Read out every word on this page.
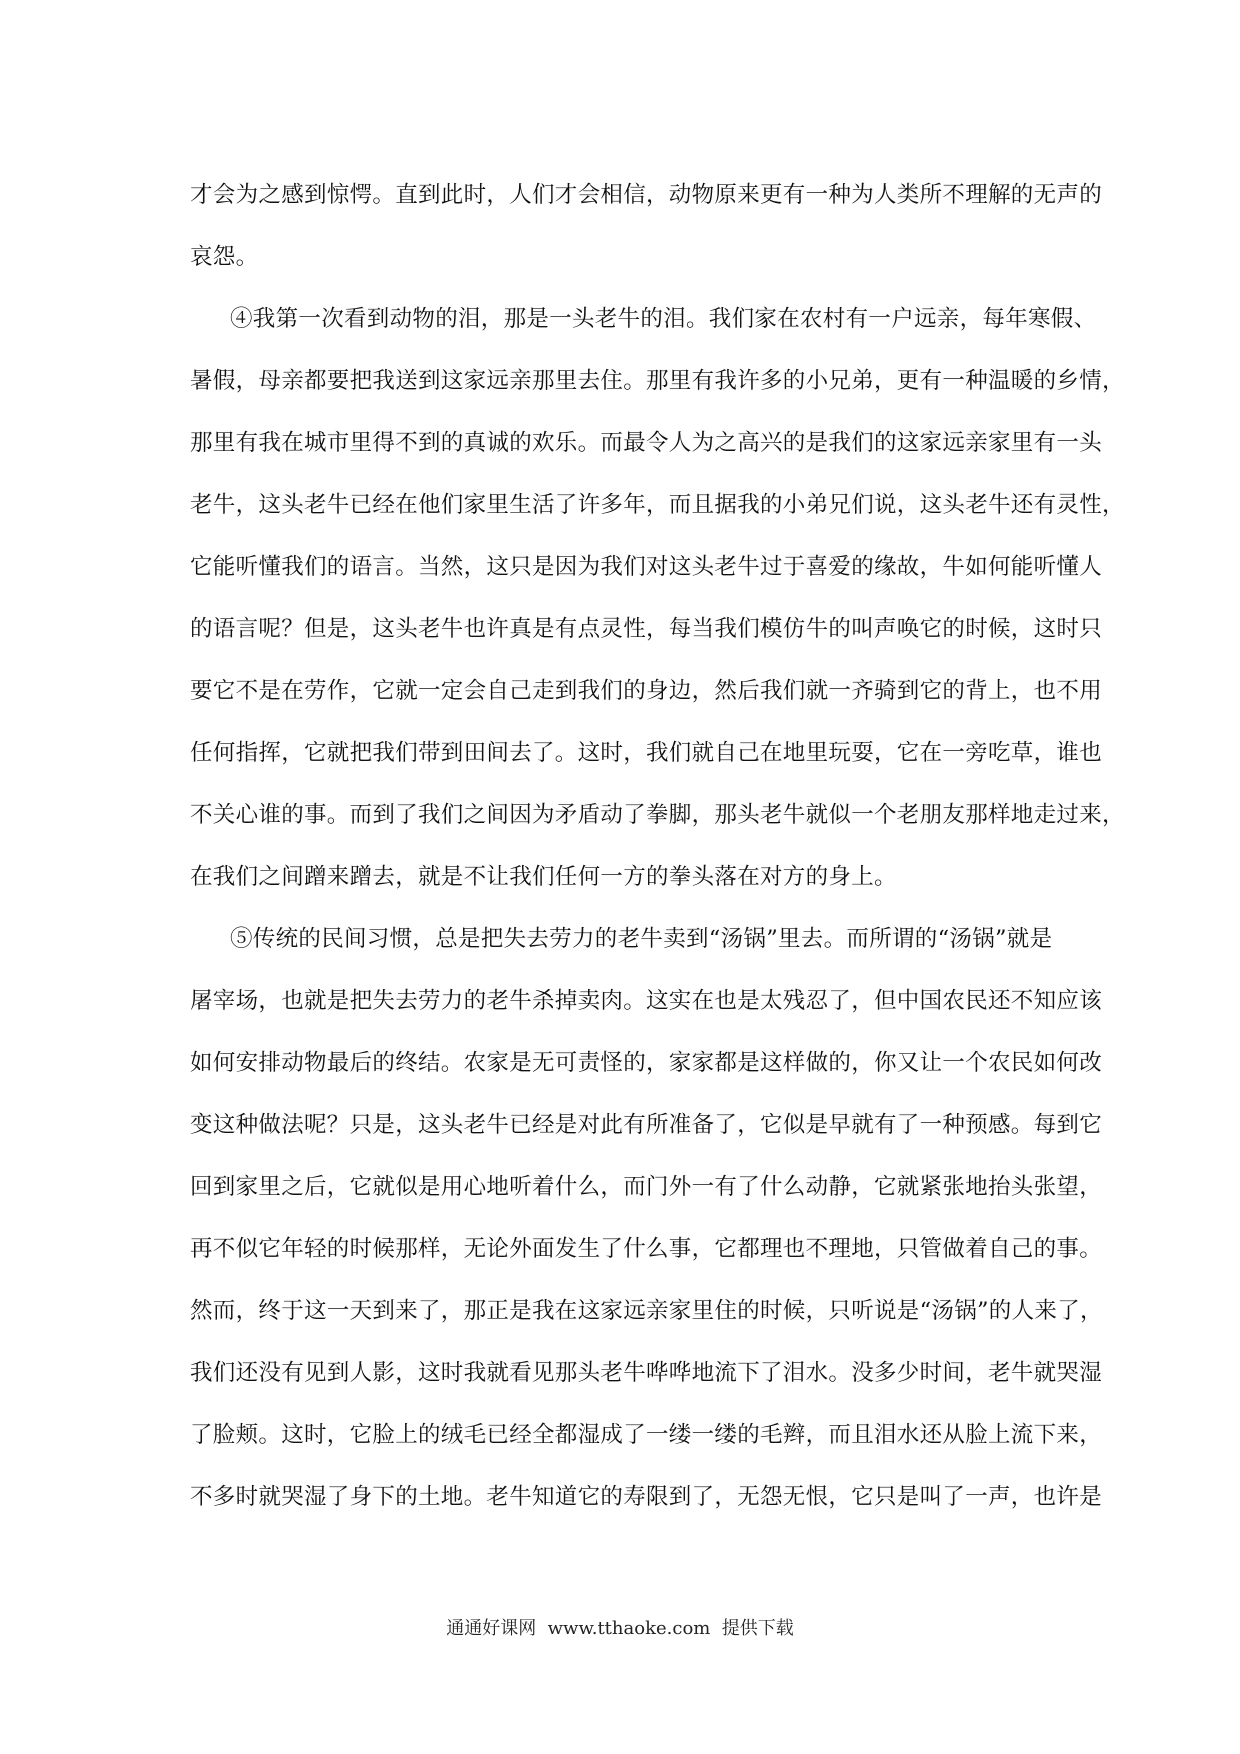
才会为之感到惊愕。直到此时，人们才会相信，动物原来更有一种为人类所不理解的无声的
哀怨。
④我第一次看到动物的泪，那是一头老牛的泪。我们家在农村有一户远亲，每年寒假、
暑假，母亲都要把我送到这家远亲那里去住。那里有我许多的小兄弟，更有一种温暖的乡情，
那里有我在城市里得不到的真诚的欢乐。而最令人为之高兴的是我们的这家远亲家里有一头
老牛，这头老牛已经在他们家里生活了许多年，而且据我的小弟兄们说，这头老牛还有灵性，
它能听懂我们的语言。当然，这只是因为我们对这头老牛过于喜爱的缘故，牛如何能听懂人
的语言呢？但是，这头老牛也许真是有点灵性，每当我们模仿牛的叫声唤它的时候，这时只
要它不是在劳作，它就一定会自己走到我们的身边，然后我们就一齐骑到它的背上，也不用
任何指挥，它就把我们带到田间去了。这时，我们就自己在地里玩耍，它在一旁吃草，谁也
不关心谁的事。而到了我们之间因为矛盾动了拳脚，那头老牛就似一个老朋友那样地走过来，
在我们之间蹭来蹭去，就是不让我们任何一方的拳头落在对方的身上。
⑤传统的民间习惯，总是把失去劳力的老牛卖到“汤锅”里去。而所谓的“汤锅”就是
屠宰场，也就是把失去劳力的老牛杀掉卖肉。这实在也是太残忍了，但中国农民还不知应该
如何安排动物最后的终结。农家是无可责怪的，家家都是这样做的，你又让一个农民如何改
变这种做法呢？只是，这头老牛已经是对此有所准备了，它似是早就有了一种预感。每到它
回到家里之后，它就似是用心地听着什么，而门外一有了什么动静，它就紧张地抬头张望，
再不似它年轻的时候那样，无论外面发生了什么事，它都理也不理地，只管做着自己的事。
然而，终于这一天到来了，那正是我在这家远亲家里住的时候，只听说是“汤锅”的人来了，
我们还没有见到人影，这时我就看见那头老牛哗哗地流下了泪水。没多少时间，老牛就哭湿
了脸颊。这时，它脸上的绒毛已经全都湿成了一缕一缕的毛辫，而且泪水还从脸上流下来，
不多时就哭湿了身下的土地。老牛知道它的寿限到了，无怨无恨，它只是叫了一声，也许是
通通好课网  www.tthaoke.com  提供下载
